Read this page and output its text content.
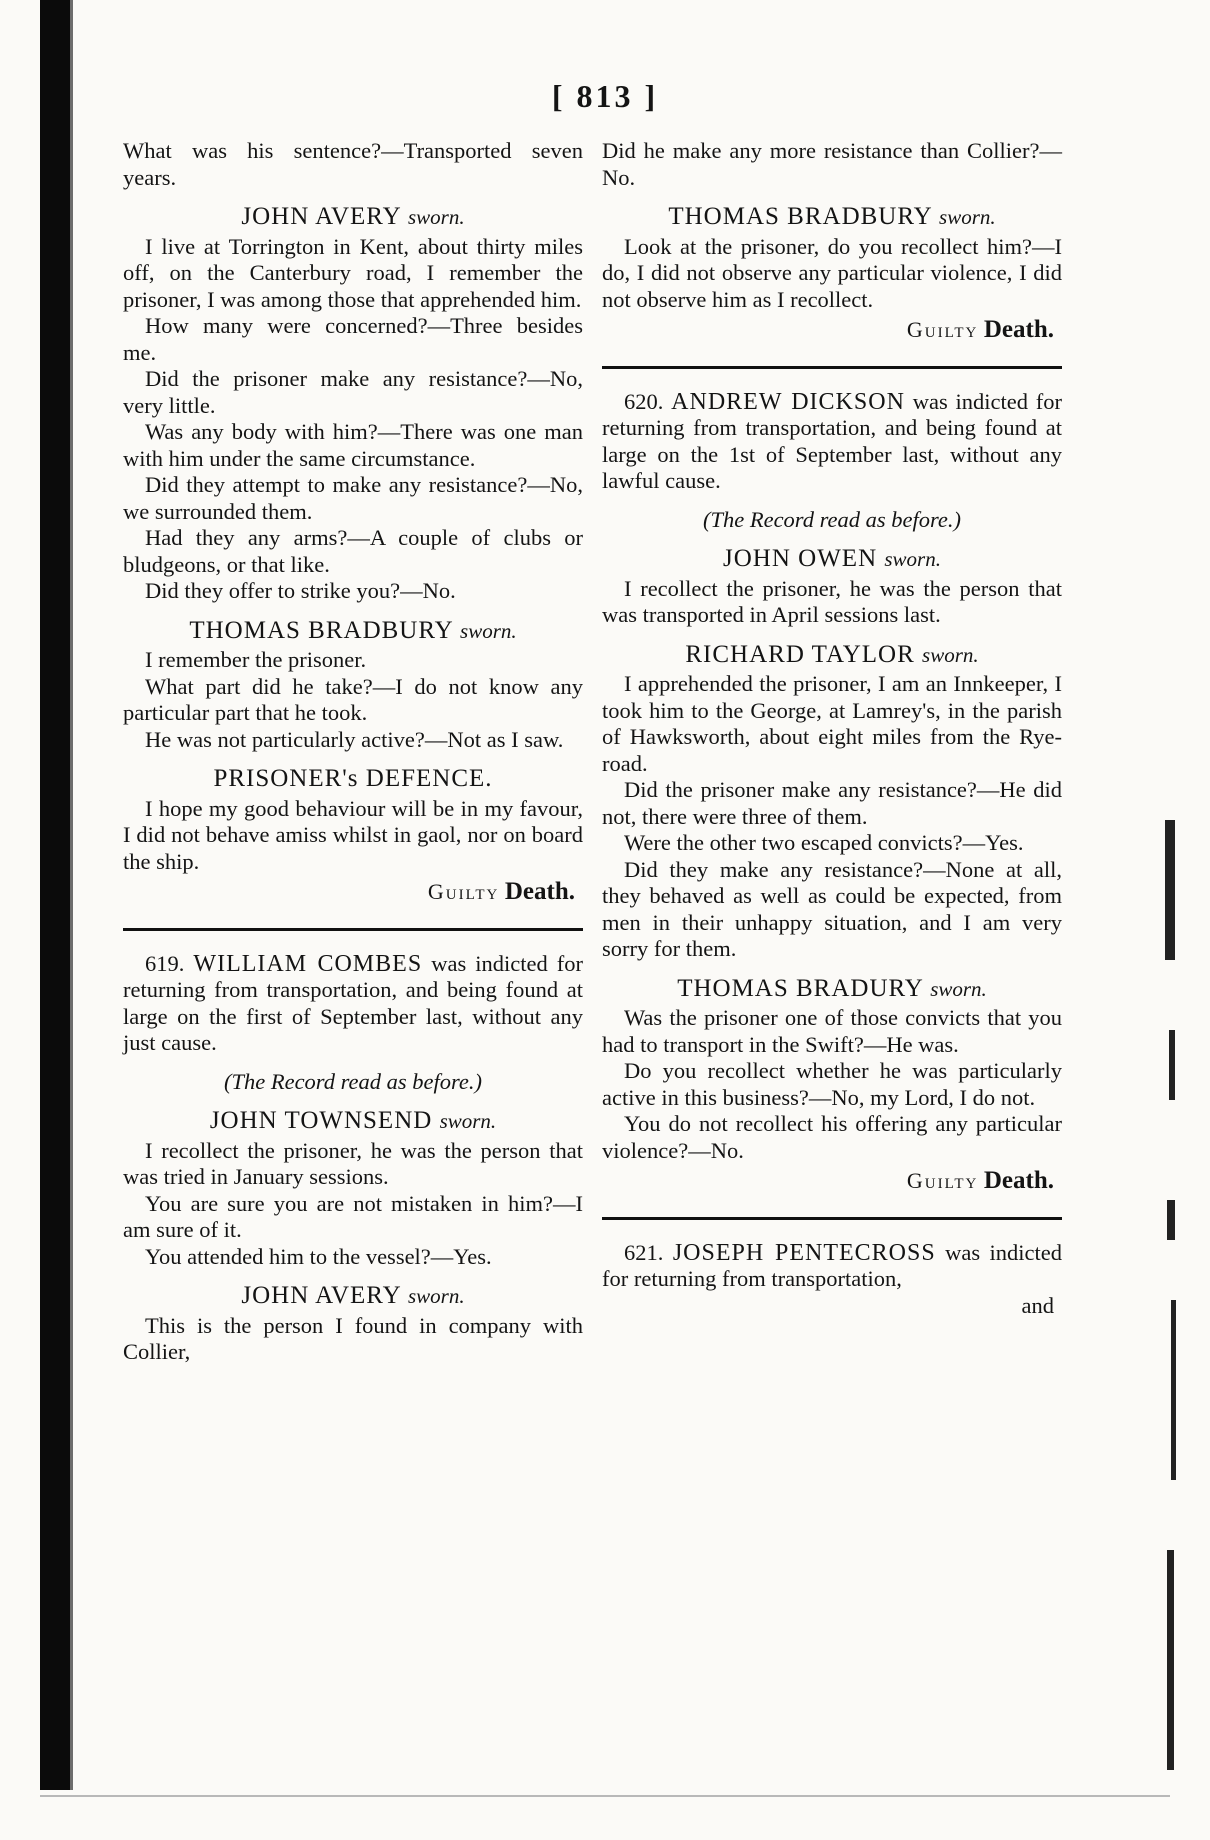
[ 813 ]

What was his sentence?—Transported seven years.

JOHN AVERY sworn.

I live at Torrington in Kent, about thirty miles off, on the Canterbury road, I remember the prisoner, I was among those that apprehended him.

How many were concerned?—Three besides me.

Did the prisoner make any resistance?—No, very little.

Was any body with him?—There was one man with him under the same circumstance.

Did they attempt to make any resistance?—No, we surrounded them.

Had they any arms?—A couple of clubs or bludgeons, or that like.

Did they offer to strike you?—No.

THOMAS BRADBURY sworn.

I remember the prisoner.

What part did he take?—I do not know any particular part that he took.

He was not particularly active?—Not as I saw.

PRISONER's DEFENCE.

I hope my good behaviour will be in my favour, I did not behave amiss whilst in gaol, nor on board the ship.

Guilty Death.

619. WILLIAM COMBES was indicted for returning from transportation, and being found at large on the first of September last, without any just cause.

(The Record read as before.)
JOHN TOWNSEND sworn.

I recollect the prisoner, he was the person that was tried in January sessions.

You are sure you are not mistaken in him?—I am sure of it.

You attended him to the vessel?—Yes.

JOHN AVERY sworn.

This is the person I found in company with Collier,

Did he make any more resistance than Collier?—No.

THOMAS BRADBURY sworn.

Look at the prisoner, do you recollect him?—I do, I did not observe any particular violence, I did not observe him as I recollect.

Guilty Death.

620. ANDREW DICKSON was indicted for returning from transportation, and being found at large on the 1st of September last, without any lawful cause.

(The Record read as before.)
JOHN OWEN sworn.

I recollect the prisoner, he was the person that was transported in April sessions last.

RICHARD TAYLOR sworn.

I apprehended the prisoner, I am an Innkeeper, I took him to the George, at Lamrey's, in the parish of Hawksworth, about eight miles from the Rye-road.

Did the prisoner make any resistance?—He did not, there were three of them.

Were the other two escaped convicts?—Yes.

Did they make any resistance?—None at all, they behaved as well as could be expected, from men in their unhappy situation, and I am very sorry for them.

THOMAS BRADURY sworn.

Was the prisoner one of those convicts that you had to transport in the Swift?—He was.

Do you recollect whether he was particularly active in this business?—No, my Lord, I do not.

You do not recollect his offering any particular violence?—No.

Guilty Death.

621. JOSEPH PENTECROSS was indicted for returning from transportation,

and
